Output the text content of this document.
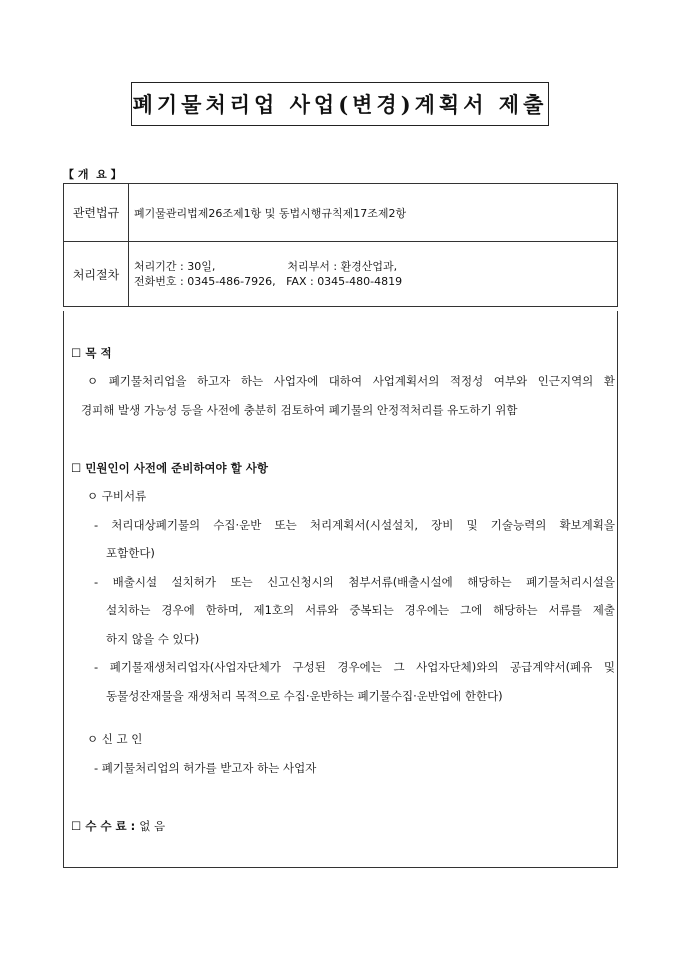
폐기물처리업 사업(변경)계획서 제출
【 개  요 】
관련법규	폐기물관리법제26조제1항 및 동법시행규칙제17조제2항
처리절차	처리기간 : 30일, 처리부서 : 환경산업과,
전화번호 : 0345-486-7926,   FAX : 0345-480-4819
☐ 목 적
ㅇ 폐기물처리업을 하고자 하는 사업자에 대하여 사업계획서의 적정성 여부와 인근지역의 환
경피해 발생 가능성 등을 사전에 충분히 검토하여 폐기물의 안정적처리를 유도하기 위함
☐ 민원인이 사전에 준비하여야 할 사항
ㅇ 구비서류
- 처리대상폐기물의 수집·운반 또는 처리계획서(시설설치, 장비 및 기술능력의 확보계획을
포함한다)
- 배출시설 설치허가 또는 신고신청시의 첨부서류(배출시설에 해당하는 폐기물처리시설을
설치하는 경우에 한하며, 제1호의 서류와 중복되는 경우에는 그에 해당하는 서류를 제출
하지 않을 수 있다)
- 폐기물재생처리업자(사업자단체가 구성된 경우에는 그 사업자단체)와의 공급계약서(폐유 및
동물성잔재물을 재생처리 목적으로 수집·운반하는 폐기물수집·운반업에 한한다)
ㅇ 신 고 인
- 폐기물처리업의 허가를 받고자 하는 사업자
☐ 수 수 료 : 없 음
